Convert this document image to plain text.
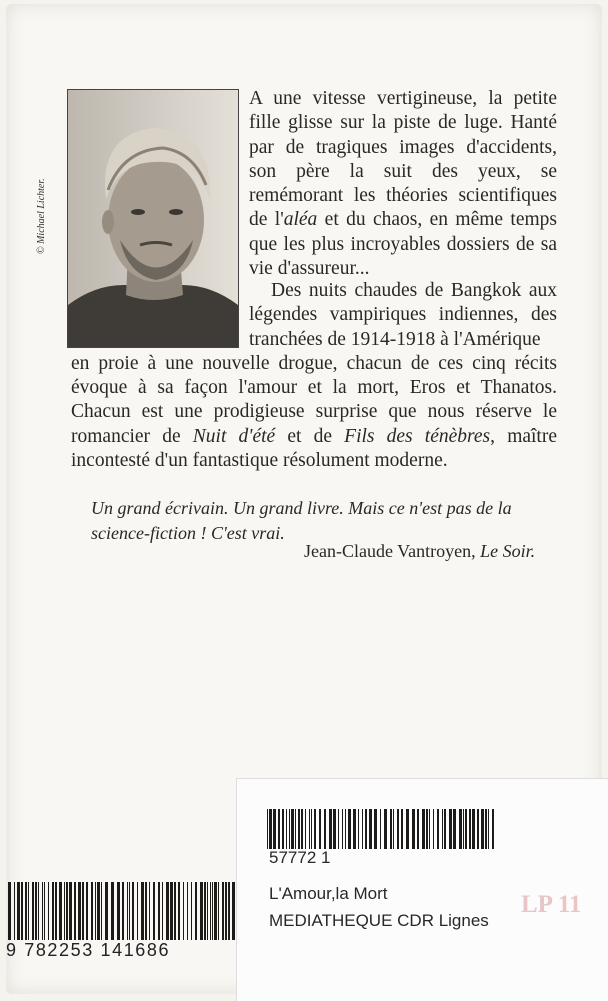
© Michael Lichter.
A une vitesse vertigineuse, la petite fille glisse sur la piste de luge. Hanté par de tragiques images d'accidents, son père la suit des yeux, se remémorant les théories scientifiques de l'aléa et du chaos, en même temps que les plus incroyables dossiers de sa vie d'assureur...
Des nuits chaudes de Bangkok aux légendes vampiriques indiennes, des tranchées de 1914-1918 à l'Amérique
en proie à une nouvelle drogue, chacun de ces cinq récits évoque à sa façon l'amour et la mort, Eros et Thanatos. Chacun est une prodigieuse surprise que nous réserve le romancier de Nuit d'été et de Fils des ténèbres, maître incontesté d'un fantastique résolument moderne.
Un grand écrivain. Un grand livre. Mais ce n'est pas de la science-fiction ! C'est vrai.
Jean-Claude Vantroyen, Le Soir.
9 782253 141686
57772 1
L'Amour,la Mort
MEDIATHEQUE CDR Lignes
LP 11
